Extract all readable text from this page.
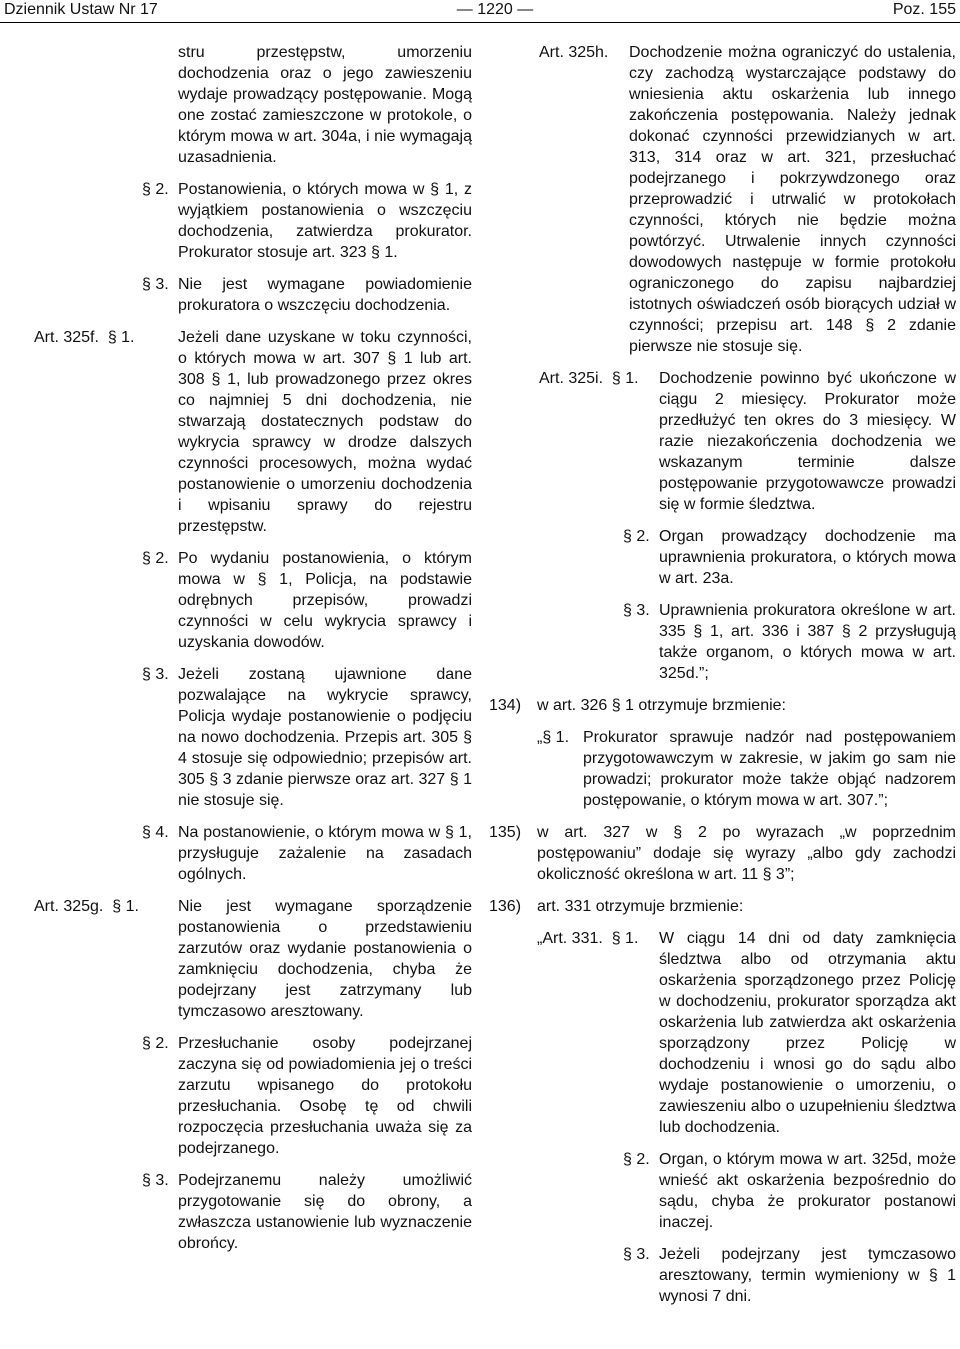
Dziennik Ustaw Nr 17	— 1220 —	Poz. 155
stru przestępstw, umorzeniu dochodzenia oraz o jego zawieszeniu wydaje prowadzący postępowanie. Mogą one zostać zamieszczone w protokole, o którym mowa w art. 304a, i nie wymagają uzasadnienia.
§ 2. Postanowienia, o których mowa w § 1, z wyjątkiem postanowienia o wszczęciu dochodzenia, zatwierdza prokurator. Prokurator stosuje art. 323 § 1.
§ 3. Nie jest wymagane powiadomienie prokuratora o wszczęciu dochodzenia.
Art. 325f.  § 1.	Jeżeli dane uzyskane w toku czynności, o których mowa w art. 307 § 1 lub art. 308 § 1, lub prowadzonego przez okres co najmniej 5 dni dochodzenia, nie stwarzają dostatecznych podstaw do wykrycia sprawcy w drodze dalszych czynności procesowych, można wydać postanowienie o umorzeniu dochodzenia i wpisaniu sprawy do rejestru przestępstw.
§ 2. Po wydaniu postanowienia, o którym mowa w § 1, Policja, na podstawie odrębnych przepisów, prowadzi czynności w celu wykrycia sprawcy i uzyskania dowodów.
§ 3. Jeżeli zostaną ujawnione dane pozwalające na wykrycie sprawcy, Policja wydaje postanowienie o podjęciu na nowo dochodzenia. Przepis art. 305 § 4 stosuje się odpowiednio; przepisów art. 305 § 3 zdanie pierwsze oraz art. 327 § 1 nie stosuje się.
§ 4. Na postanowienie, o którym mowa w § 1, przysługuje zażalenie na zasadach ogólnych.
Art. 325g.  § 1. Nie jest wymagane sporządzenie postanowienia o przedstawieniu zarzutów oraz wydanie postanowienia o zamknięciu dochodzenia, chyba że podejrzany jest zatrzymany lub tymczasowo aresztowany.
§ 2. Przesłuchanie osoby podejrzanej zaczyna się od powiadomienia jej o treści zarzutu wpisanego do protokołu przesłuchania. Osobę tę od chwili rozpoczęcia przesłuchania uważa się za podejrzanego.
§ 3. Podejrzanemu należy umożliwić przygotowanie się do obrony, a zwłaszcza ustanowienie lub wyznaczenie obrońcy.
Art. 325h. Dochodzenie można ograniczyć do ustalenia, czy zachodzą wystarczające podstawy do wniesienia aktu oskarżenia lub innego zakończenia postępowania. Należy jednak dokonać czynności przewidzianych w art. 313, 314 oraz w art. 321, przesłuchać podejrzanego i pokrzywdzonego oraz przeprowadzić i utrwalić w protokołach czynności, których nie będzie można powtórzyć. Utrwalenie innych czynności dowodowych następuje w formie protokołu ograniczonego do zapisu najbardziej istotnych oświadczeń osób biorących udział w czynności; przepisu art. 148 § 2 zdanie pierwsze nie stosuje się.
Art. 325i.  § 1. Dochodzenie powinno być ukończone w ciągu 2 miesięcy. Prokurator może przedłużyć ten okres do 3 miesięcy. W razie niezakończenia dochodzenia we wskazanym terminie dalsze postępowanie przygotowawcze prowadzi się w formie śledztwa.
§ 2. Organ prowadzący dochodzenie ma uprawnienia prokuratora, o których mowa w art. 23a.
§ 3. Uprawnienia prokuratora określone w art. 335 § 1, art. 336 i 387 § 2 przysługują także organom, o których mowa w art. 325d.”;
134) w art. 326 § 1 otrzymuje brzmienie:
„§ 1. Prokurator sprawuje nadzór nad postępowaniem przygotowawczym w zakresie, w jakim go sam nie prowadzi; prokurator może także objąć nadzorem postępowanie, o którym mowa w art. 307.”;
135) w art. 327 w § 2 po wyrazach „w poprzednim postępowaniu” dodaje się wyrazy „albo gdy zachodzi okoliczność określona w art. 11 § 3”;
136) art. 331 otrzymuje brzmienie:
„Art. 331.  § 1. W ciągu 14 dni od daty zamknięcia śledztwa albo od otrzymania aktu oskarżenia sporządzonego przez Policję w dochodzeniu, prokurator sporządza akt oskarżenia lub zatwierdza akt oskarżenia sporządzony przez Policję w dochodzeniu i wnosi go do sądu albo wydaje postanowienie o umorzeniu, o zawieszeniu albo o uzupełnieniu śledztwa lub dochodzenia.
§ 2. Organ, o którym mowa w art. 325d, może wnieść akt oskarżenia bezpośrednio do sądu, chyba że prokurator postanowi inaczej.
§ 3. Jeżeli podejrzany jest tymczasowo aresztowany, termin wymieniony w § 1 wynosi 7 dni.
